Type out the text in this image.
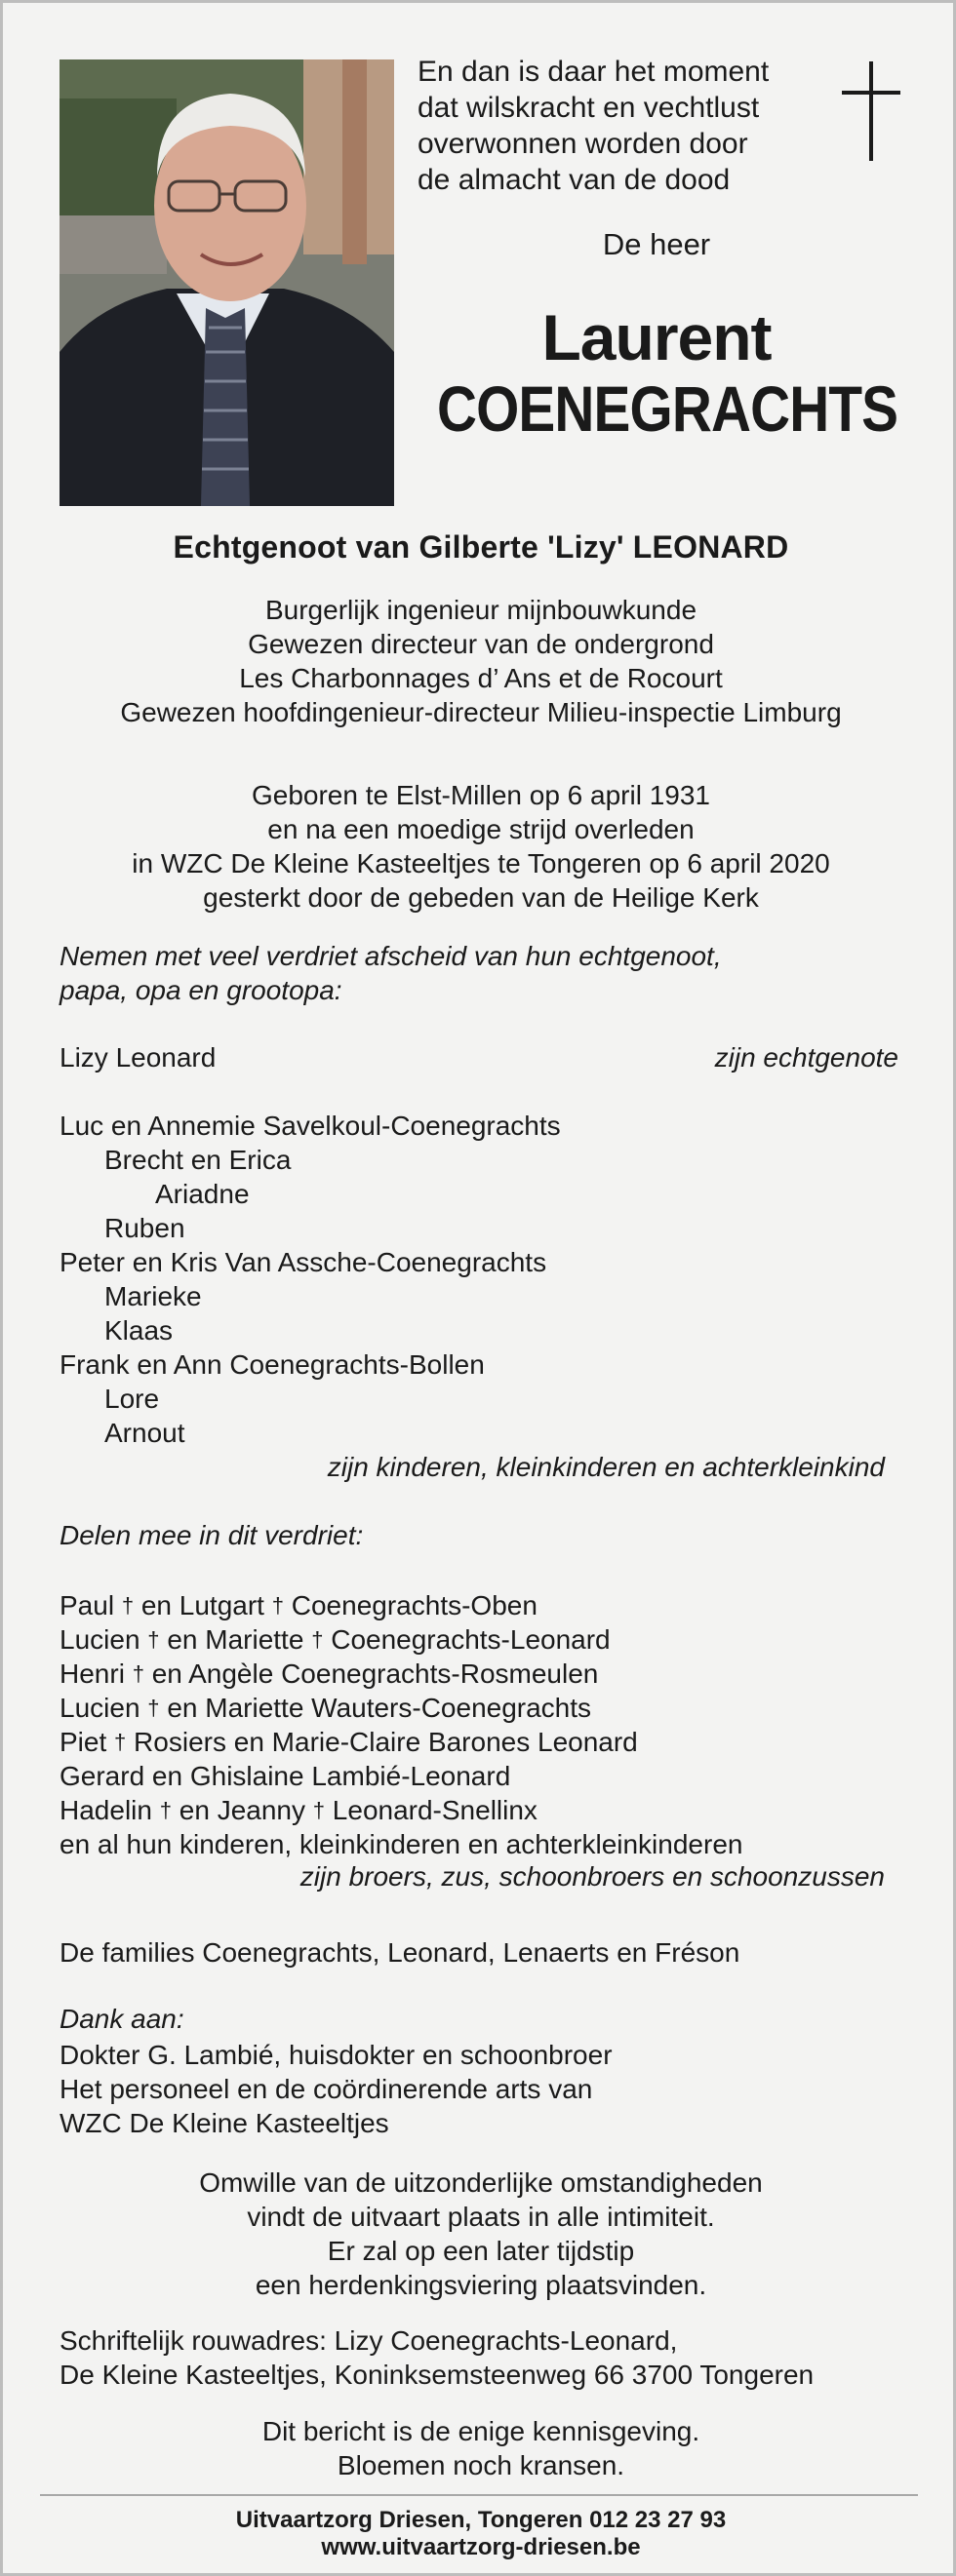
En dan is daar het moment
dat wilskracht en vechtlust
overwonnen worden door
de almacht van de dood
De heer
Laurent
COENEGRACHTS
Echtgenoot van Gilberte 'Lizy' LEONARD
Burgerlijk ingenieur mijnbouwkunde
Gewezen directeur van de ondergrond
Les Charbonnages d’ Ans et de Rocourt
Gewezen hoofdingenieur-directeur Milieu-inspectie Limburg
Geboren te Elst-Millen op 6 april 1931
en na een moedige strijd overleden
in WZC De Kleine Kasteeltjes te Tongeren op 6 april 2020
gesterkt door de gebeden van de Heilige Kerk
Nemen met veel verdriet afscheid van hun echtgenoot,
papa, opa en grootopa:
Lizy Leonard	zijn echtgenote
Luc en Annemie Savelkoul-Coenegrachts
Brecht en Erica
Ariadne
Ruben
Peter en Kris Van Assche-Coenegrachts
Marieke
Klaas
Frank en Ann Coenegrachts-Bollen
Lore
Arnout
zijn kinderen, kleinkinderen en achterkleinkind
Delen mee in dit verdriet:
Paul † en Lutgart † Coenegrachts-Oben
Lucien † en Mariette † Coenegrachts-Leonard
Henri † en Angèle Coenegrachts-Rosmeulen
Lucien † en Mariette Wauters-Coenegrachts
Piet † Rosiers en Marie-Claire Barones Leonard
Gerard en Ghislaine Lambié-Leonard
Hadelin † en Jeanny † Leonard-Snellinx
en al hun kinderen, kleinkinderen en achterkleinkinderen
zijn broers, zus, schoonbroers en schoonzussen
De families Coenegrachts, Leonard, Lenaerts en Fréson
Dank aan:
Dokter G. Lambié, huisdokter en schoonbroer
Het personeel en de coördinerende arts van
WZC De Kleine Kasteeltjes
Omwille van de uitzonderlijke omstandigheden
vindt de uitvaart plaats in alle intimiteit.
Er zal op een later tijdstip
een herdenkingsviering plaatsvinden.
Schriftelijk rouwadres: Lizy Coenegrachts-Leonard,
De Kleine Kasteeltjes, Koninksemsteenweg 66 3700 Tongeren
Dit bericht is de enige kennisgeving.
Bloemen noch kransen.
Uitvaartzorg Driesen, Tongeren 012 23 27 93
www.uitvaartzorg-driesen.be
